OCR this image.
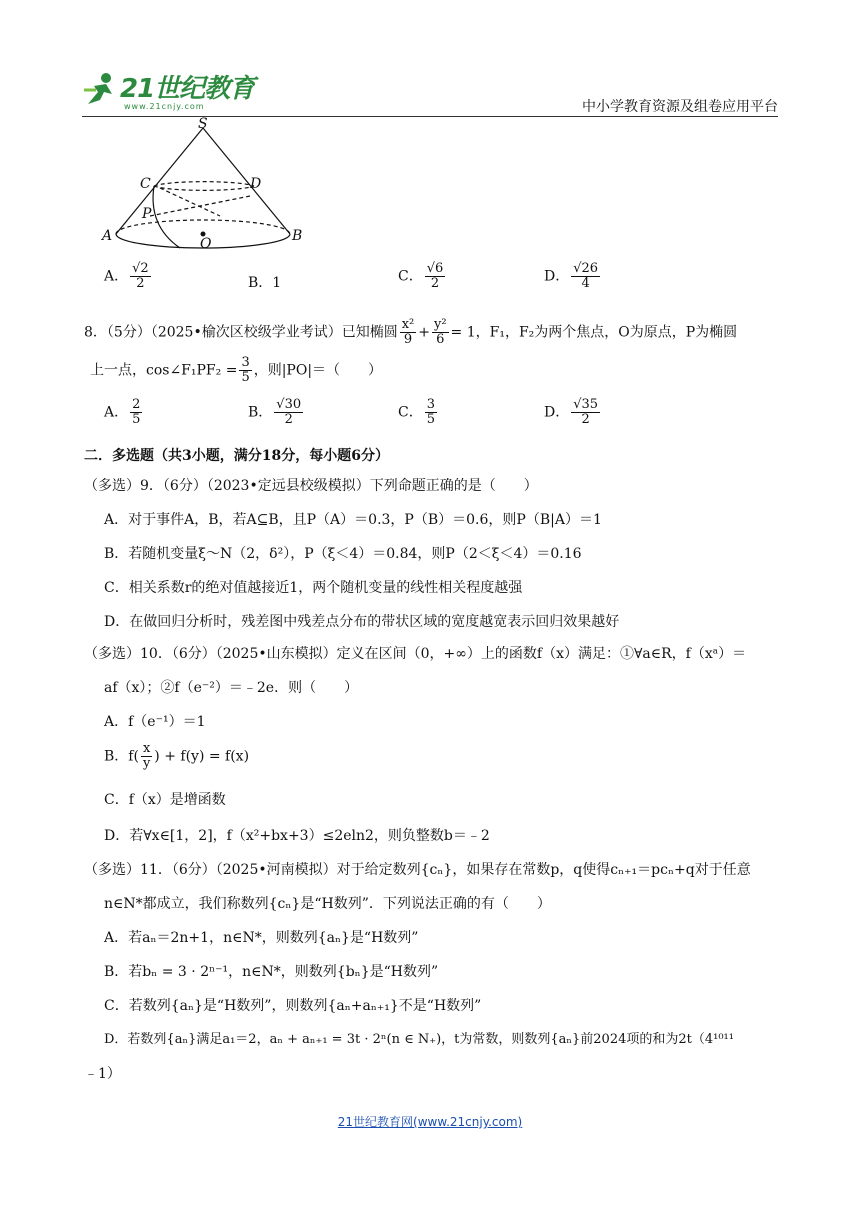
21世纪教育
www.21cnjy.com	中小学教育资源及组卷应用平台
S
C	D
P
A	O	B
A． $\frac{√2}{2}$	B．1	C． $\frac{√6}{2}$	D． $\frac{√26}{4}$
8．（5分）（2025•榆次区校级学业考试）已知椭圆 $\frac{\text{x²}}{9} + \frac{\text{y²}}{6} = 1$，F₁，F₂为两个焦点，O为原点，P为椭圆
上一点，cos∠F₁PF₂ = $\frac{3}{5}$ ，则|PO|＝（　　）
A． $\frac{2}{5}$	B． $\frac{√30}{2}$	C． $\frac{3}{5}$	D． $\frac{√35}{2}$
二．多选题（共3小题，满分18分，每小题6分）
（多选）9．（6分）（2023•定远县校级模拟）下列命题正确的是（　　）
A．对于事件A，B，若A⊆B，且P（A）＝0.3，P（B）＝0.6，则P（B|A）＝1
B．若随机变量ξ～N（2，δ²），P（ξ＜4）＝0.84，则P（2＜ξ＜4）＝0.16
C．相关系数r的绝对值越接近1，两个随机变量的线性相关程度越强
D．在做回归分析时，残差图中残差点分布的带状区域的宽度越宽表示回归效果越好
（多选）10．（6分）（2025•山东模拟）定义在区间（0，+∞）上的函数f（x）满足：①∀a∈R，f（xᵃ）＝
af（x）；②f（e⁻²）＝﹣2e．则（　　）
A．f（e⁻¹）＝1
B．$f( \frac{x}{y}$ ) + f(y) = f(x)
C．f（x）是增函数
D．若∀x∈[1，2]，f（x²+bx+3）≤2eln2，则负整数b＝﹣2
（多选）11．（6分）（2025•河南模拟）对于给定数列{cₙ}，如果存在常数p，q使得cₙ₊₁＝pcₙ+q对于任意
n∈N*都成立，我们称数列{cₙ}是“H数列”．下列说法正确的有（　　）
A．若aₙ＝2n+1，n∈N*，则数列{aₙ}是“H数列”
B．若bₙ = 3 · 2ⁿ⁻¹，n∈N*，则数列{bₙ}是“H数列”
C．若数列{aₙ}是“H数列”，则数列{aₙ+aₙ₊₁}不是“H数列”
D．若数列{aₙ}满足a₁＝2，aₙ + aₙ₊₁ = 3t · 2ⁿ(n ∈ N₊)，t为常数，则数列{aₙ}前2024项的和为2t（4¹⁰¹¹
﹣1）
21世纪教育网(www.21cnjy.com)
